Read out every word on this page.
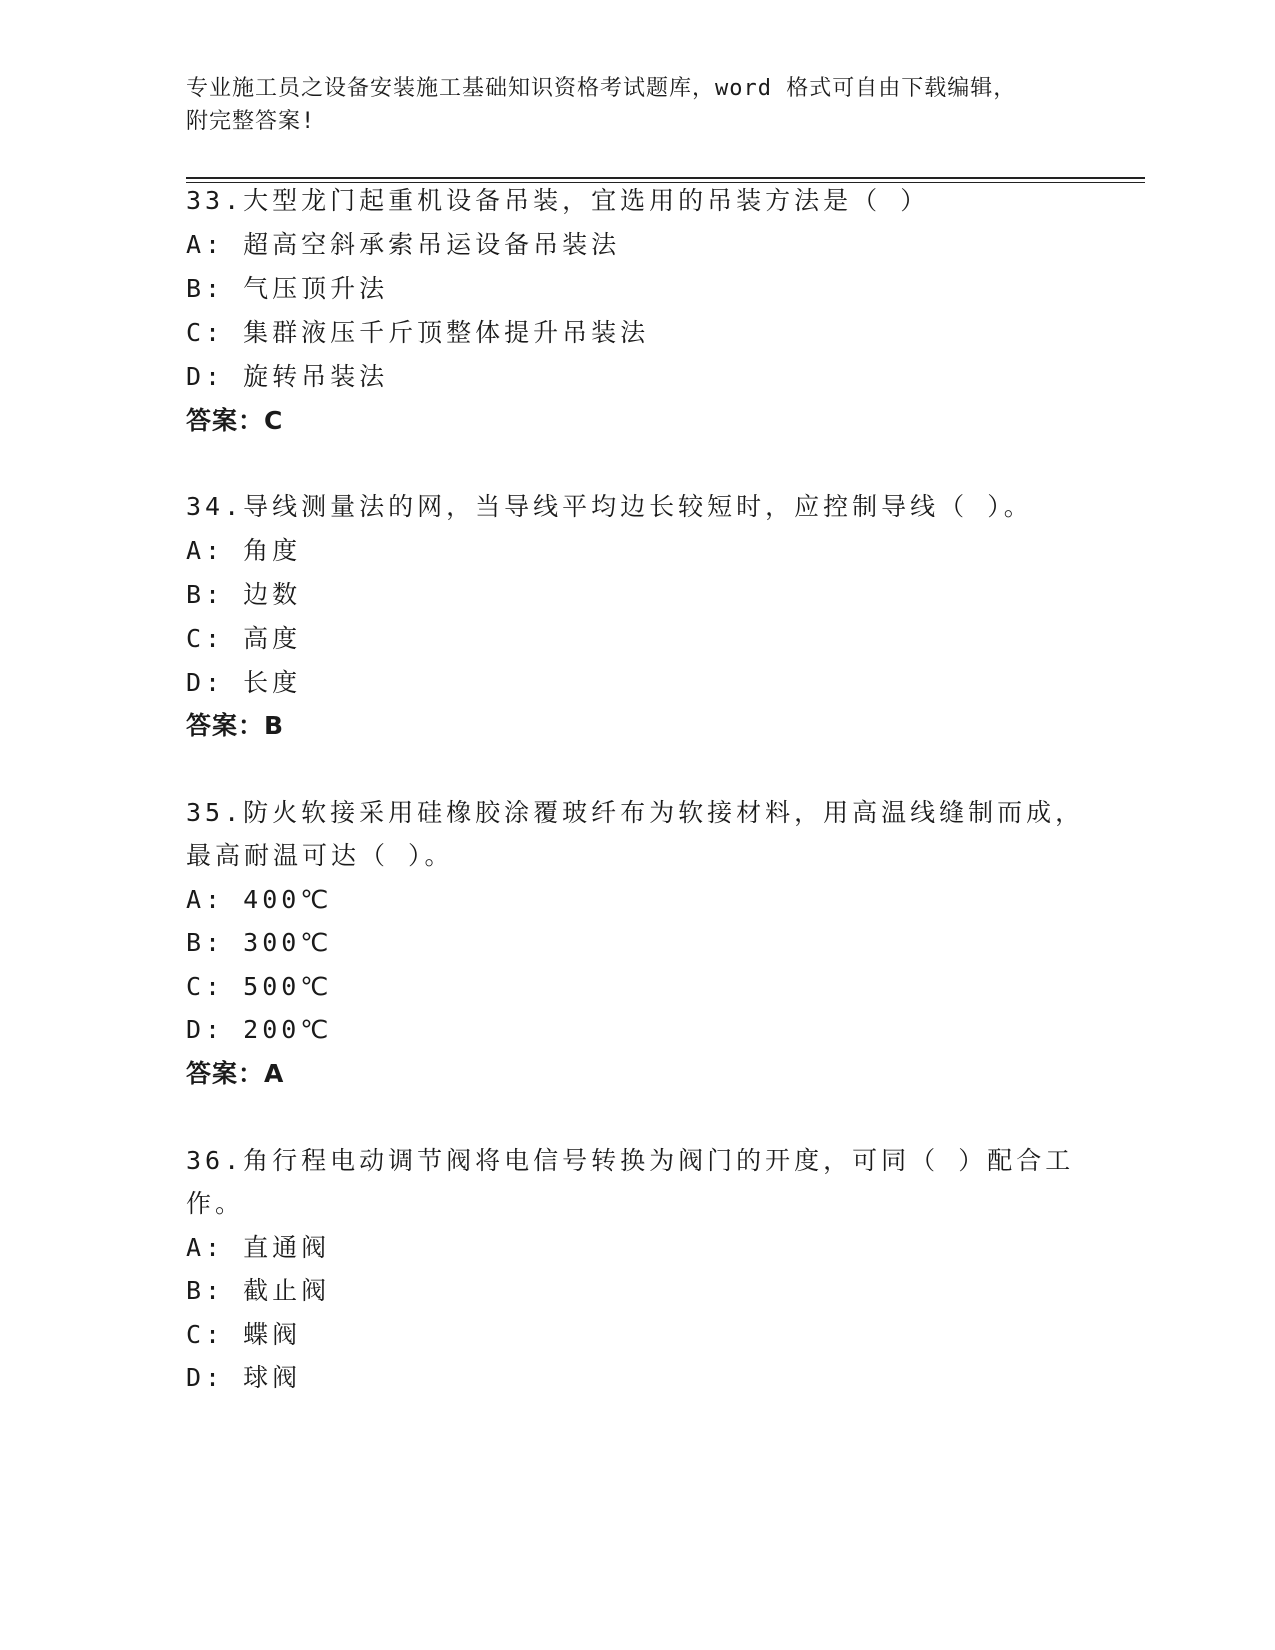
专业施工员之设备安装施工基础知识资格考试题库，word 格式可自由下载编辑，
附完整答案!
33.大型龙门起重机设备吊装，宜选用的吊装方法是（ ）
A: 超高空斜承索吊运设备吊装法
B: 气压顶升法
C: 集群液压千斤顶整体提升吊装法
D: 旋转吊装法
答案：C
34.导线测量法的网，当导线平均边长较短时，应控制导线（ ）。
A: 角度
B: 边数
C: 高度
D: 长度
答案：B
35.防火软接采用硅橡胶涂覆玻纤布为软接材料，用高温线缝制而成，
最高耐温可达（ ）。
A: 400℃
B: 300℃
C: 500℃
D: 200℃
答案：A
36.角行程电动调节阀将电信号转换为阀门的开度，可同（ ）配合工
作。
A: 直通阀
B: 截止阀
C: 蝶阀
D: 球阀
